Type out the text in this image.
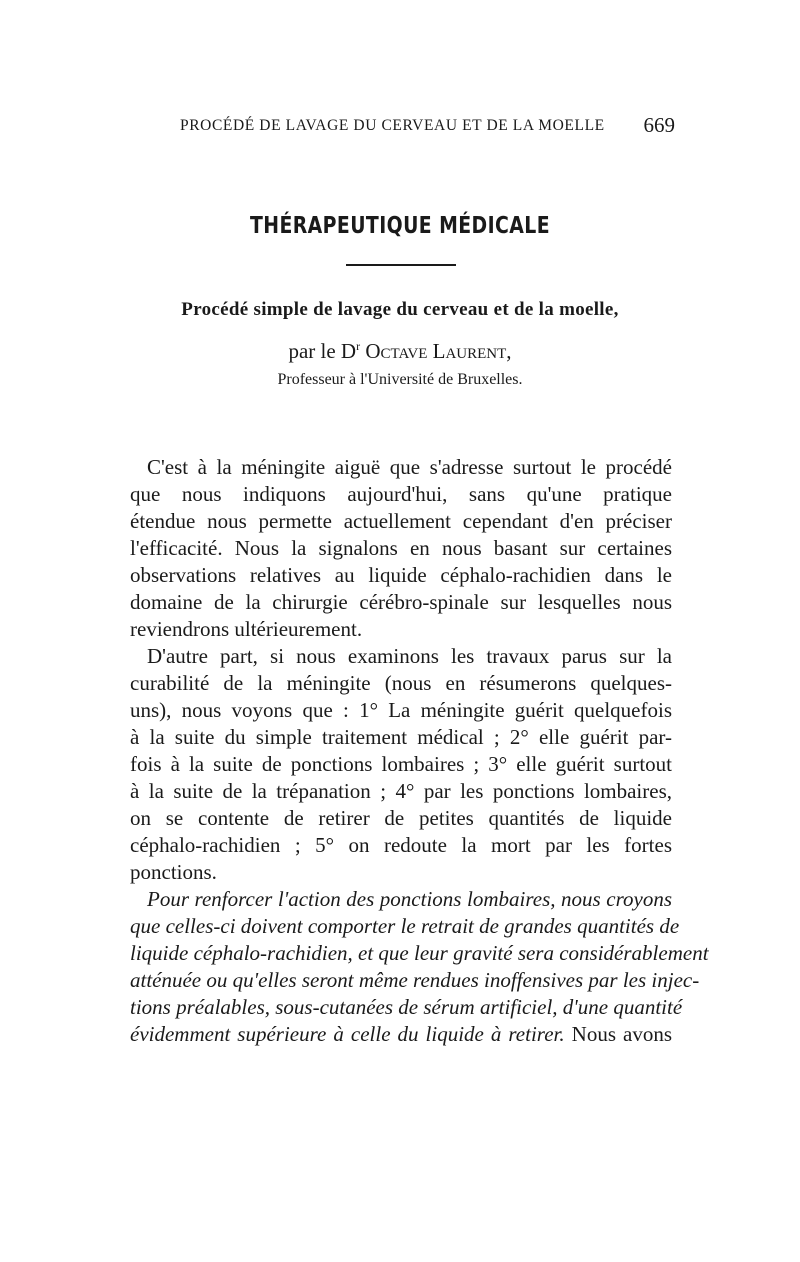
PROCÉDÉ DE LAVAGE DU CERVEAU ET DE LA MOELLE 669
THÉRAPEUTIQUE MÉDICALE
Procédé simple de lavage du cerveau et de la moelle,
par le $D^r$ Octave Laurent,
Professeur à l'Université de Bruxelles.
C'est à la méningite aiguë que s'adresse surtout le procédé
que nous indiquons aujourd'hui, sans qu'une pratique
étendue nous permette actuellement cependant d'en préciser
l'efficacité. Nous la signalons en nous basant sur certaines
observations relatives au liquide céphalo-rachidien dans le
domaine de la chirurgie cérébro-spinale sur lesquelles nous
reviendrons ultérieurement.
D'autre part, si nous examinons les travaux parus sur la
curabilité de la méningite (nous en résumerons quelques-
uns), nous voyons que : 1° La méningite guérit quelquefois
à la suite du simple traitement médical ; 2° elle guérit par-
fois à la suite de ponctions lombaires ; 3° elle guérit surtout
à la suite de la trépanation ; 4° par les ponctions lombaires,
on se contente de retirer de petites quantités de liquide
céphalo-rachidien ; 5° on redoute la mort par les fortes
ponctions.
Pour renforcer l'action des ponctions lombaires, nous croyons
que celles-ci doivent comporter le retrait de grandes quantités de
liquide céphalo-rachidien, et que leur gravité sera considérablement
atténuée ou qu'elles seront même rendues inoffensives par les injec-
tions préalables, sous-cutanées de sérum artificiel, d'une quantité
évidemment supérieure à celle du liquide à retirer. Nous avons
